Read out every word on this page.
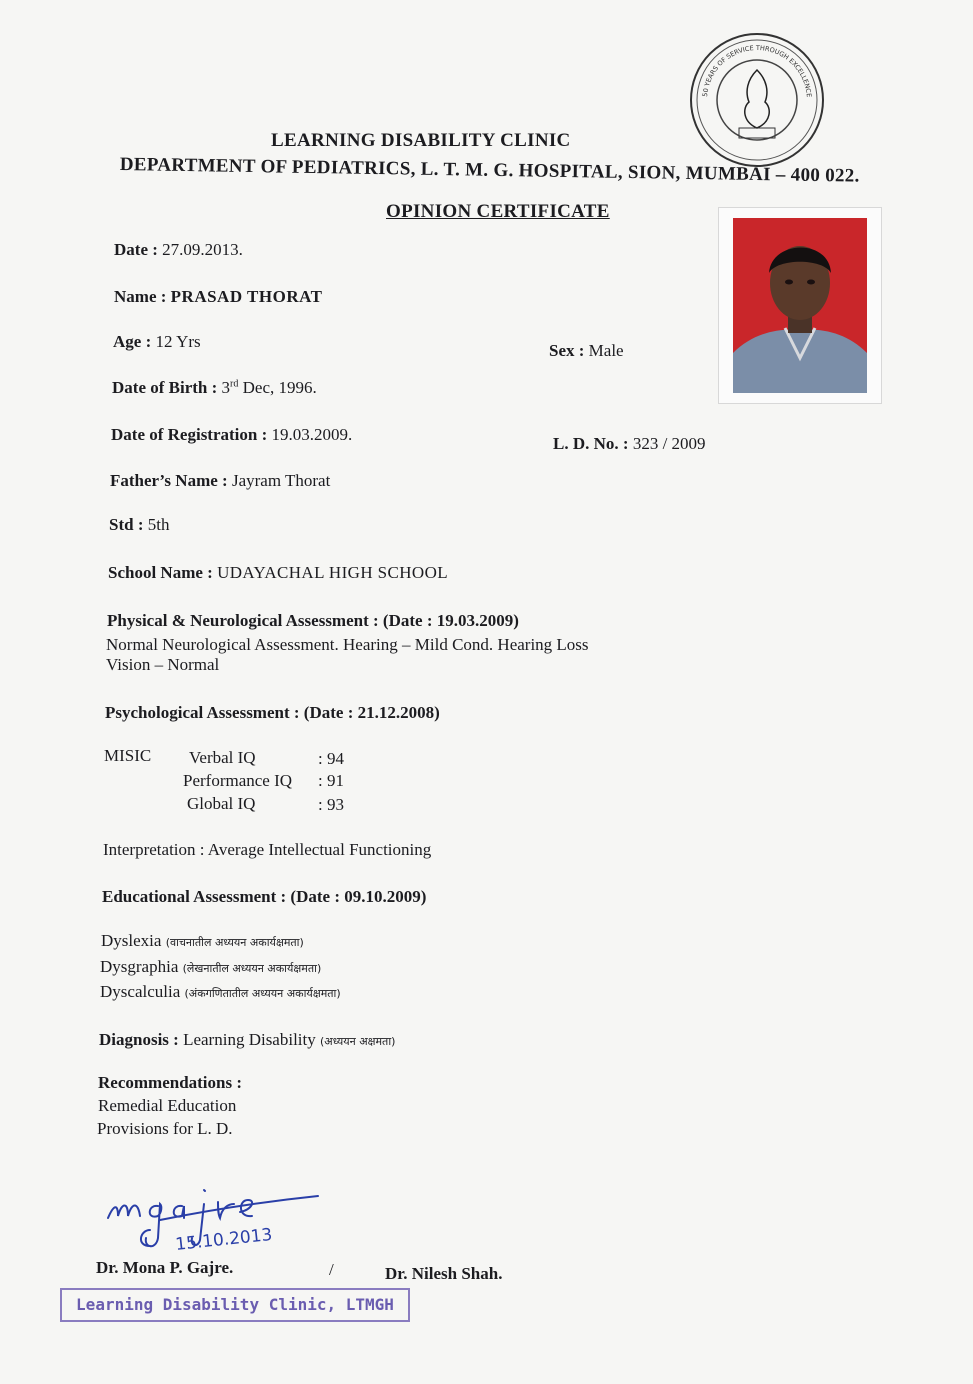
50 YEARS OF SERVICE THROUGH EXCELLENCE
LEARNING DISABILITY CLINIC
DEPARTMENT OF PEDIATRICS, L. T. M. G. HOSPITAL, SION, MUMBAI – 400 022.
OPINION CERTIFICATE
Date : 27.09.2013.
Name : PRASAD THORAT
Age : 12 Yrs	Sex : Male
Date of Birth : 3rd Dec, 1996.
Date of Registration : 19.03.2009.	L. D. No. : 323 / 2009
Father’s Name : Jayram Thorat
Std : 5th
School Name : UDAYACHAL HIGH SCHOOL
Physical & Neurological Assessment : (Date : 19.03.2009)
Normal Neurological Assessment. Hearing – Mild Cond. Hearing Loss
Vision – Normal
Psychological Assessment : (Date : 21.12.2008)
MISIC Verbal IQ	: 94
Performance IQ : 91
Global IQ	: 93
Interpretation : Average Intellectual Functioning
Educational Assessment : (Date : 09.10.2009)
Dyslexia (वाचनातील अध्ययन अकार्यक्षमता)
Dysgraphia (लेखनातील अध्ययन अकार्यक्षमता)
Dyscalculia (अंकगणितातील अध्ययन अकार्यक्षमता)
Diagnosis : Learning Disability (अध्ययन अक्षमता)
Recommendations :
Remedial Education
Provisions for L. D.
15.10.2013
Dr. Mona P. Gajre.	/	Dr. Nilesh Shah.
Learning Disability Clinic, LTMGH
